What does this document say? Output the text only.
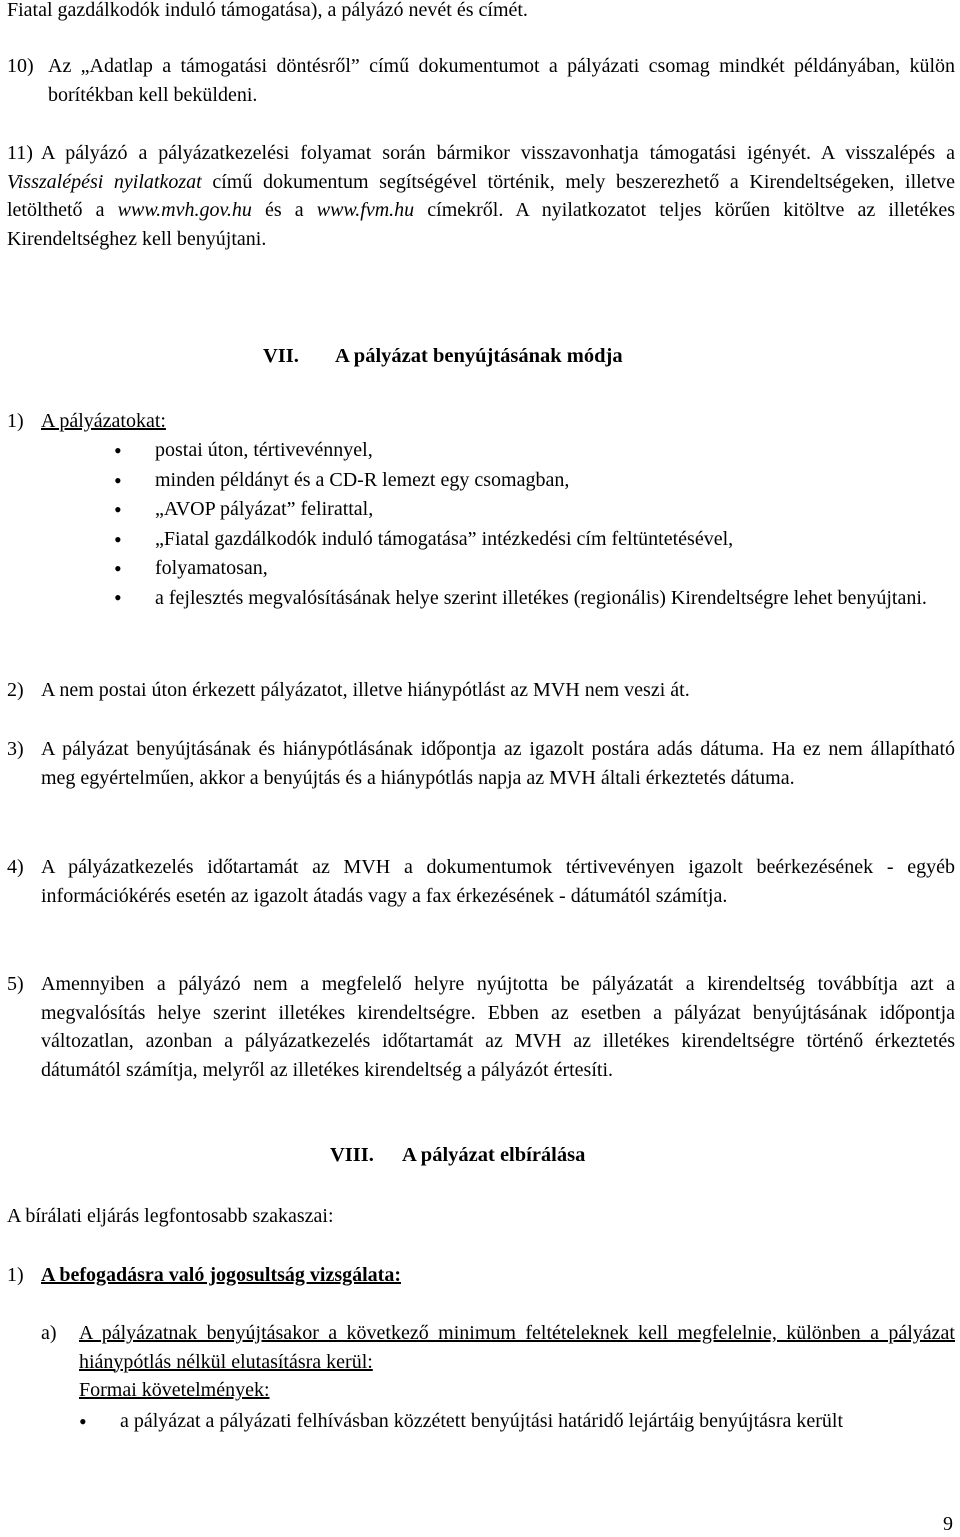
Fiatal gazdálkodók induló támogatása), a pályázó nevét és címét.

10) Az „Adatlap a támogatási döntésről” című dokumentumot a pályázati csomag mindkét példányában, külön borítékban kell beküldeni.
11) A pályázó a pályázatkezelési folyamat során bármikor visszavonhatja támogatási igényét. A visszalépés a Visszalépési nyilatkozat című dokumentum segítségével történik, mely beszerezhető a Kirendeltségeken, illetve letölthető a www.mvh.gov.hu és a www.fvm.hu címekről. A nyilatkozatot teljes körűen kitöltve az illetékes Kirendeltséghez kell benyújtani.
VII. A pályázat benyújtásának módja
1) A pályázatokat:
• postai úton, tértivevénnyel,
• minden példányt és a CD-R lemezt egy csomagban,
• „AVOP pályázat” felirattal,
• „Fiatal gazdálkodók induló támogatása” intézkedési cím feltüntetésével,
• folyamatosan,
• a fejlesztés megvalósításának helye szerint illetékes (regionális) Kirendeltségre lehet benyújtani.
2) A nem postai úton érkezett pályázatot, illetve hiánypótlást az MVH nem veszi át.
3) A pályázat benyújtásának és hiánypótlásának időpontja az igazolt postára adás dátuma. Ha ez nem állapítható meg egyértelműen, akkor a benyújtás és a hiánypótlás napja az MVH általi érkeztetés dátuma.
4) A pályázatkezelés időtartamát az MVH a dokumentumok tértivevényen igazolt beérkezésének - egyéb információkérés esetén az igazolt átadás vagy a fax érkezésének - dátumától számítja.
5) Amennyiben a pályázó nem a megfelelő helyre nyújtotta be pályázatát a kirendeltség továbbítja azt a megvalósítás helye szerint illetékes kirendeltségre. Ebben az esetben a pályázat benyújtásának időpontja változatlan, azonban a pályázatkezelés időtartamát az MVH az illetékes kirendeltségre történő érkeztetés dátumától számítja, melyről az illetékes kirendeltség a pályázót értesíti.
VIII. A pályázat elbírálása

A bírálati eljárás legfontosabb szakaszai:

1) A befogadásra való jogosultság vizsgálata:
a) A pályázatnak benyújtásakor a következő minimum feltételeknek kell megfelelnie, különben a pályázat hiánypótlás nélkül elutasításra kerül:

Formai követelmények:

• a pályázat a pályázati felhívásban közzétett benyújtási határidő lejártáig benyújtásra került
9
